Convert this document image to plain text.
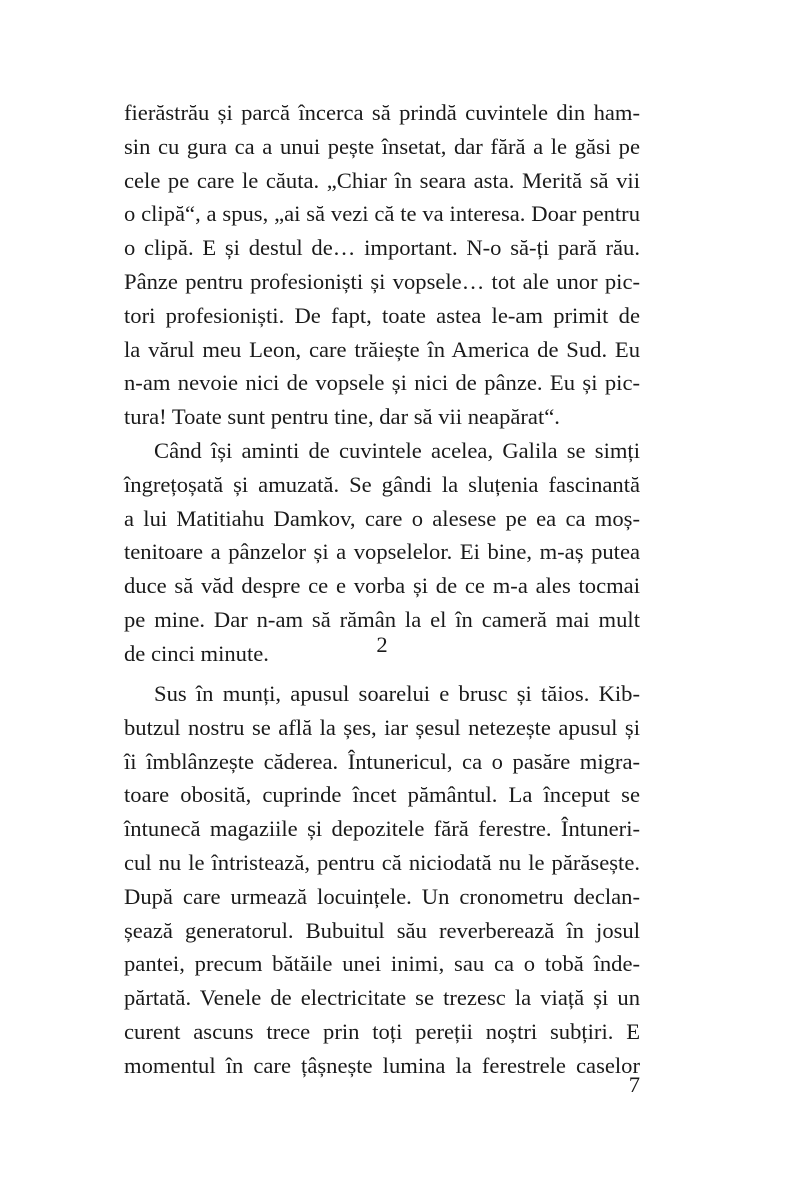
fierăstrău și parcă încerca să prindă cuvintele din ham-
sin cu gura ca a unui pește însetat, dar fără a le găsi pe
cele pe care le căuta. „Chiar în seara asta. Merită să vii
o clipă“, a spus, „ai să vezi că te va interesa. Doar pentru
o clipă. E și destul de… important. N-o să-ți pară rău.
Pânze pentru profesioniști și vopsele… tot ale unor pic-
tori profesioniști. De fapt, toate astea le-am primit de
la vărul meu Leon, care trăiește în America de Sud. Eu
n-am nevoie nici de vopsele și nici de pânze. Eu și pic-
tura! Toate sunt pentru tine, dar să vii neapărat“.
Când își aminti de cuvintele acelea, Galila se simți
îngrețoșată și amuzată. Se gândi la sluțenia fascinantă
a lui Matitiahu Damkov, care o alesese pe ea ca moș-
tenitoare a pânzelor și a vopselelor. Ei bine, m-aș putea
duce să văd despre ce e vorba și de ce m-a ales tocmai
pe mine. Dar n-am să rămân la el în cameră mai mult
de cinci minute.	2
Sus în munți, apusul soarelui e brusc și tăios. Kib-
butzul nostru se află la șes, iar șesul netezește apusul și
îi îmblânzește căderea. Întunericul, ca o pasăre migra-
toare obosită, cuprinde încet pământul. La început se
întunecă magaziile și depozitele fără ferestre. Întuneri-
cul nu le întristează, pentru că niciodată nu le părăsește.
După care urmează locuințele. Un cronometru declan-
șează generatorul. Bubuitul său reverberează în josul
pantei, precum bătăile unei inimi, sau ca o tobă înde-
părtată. Venele de electricitate se trezesc la viață și un
curent ascuns trece prin toți pereții noștri subțiri. E
momentul în care țâșnește lumina la ferestrele caselor
7
